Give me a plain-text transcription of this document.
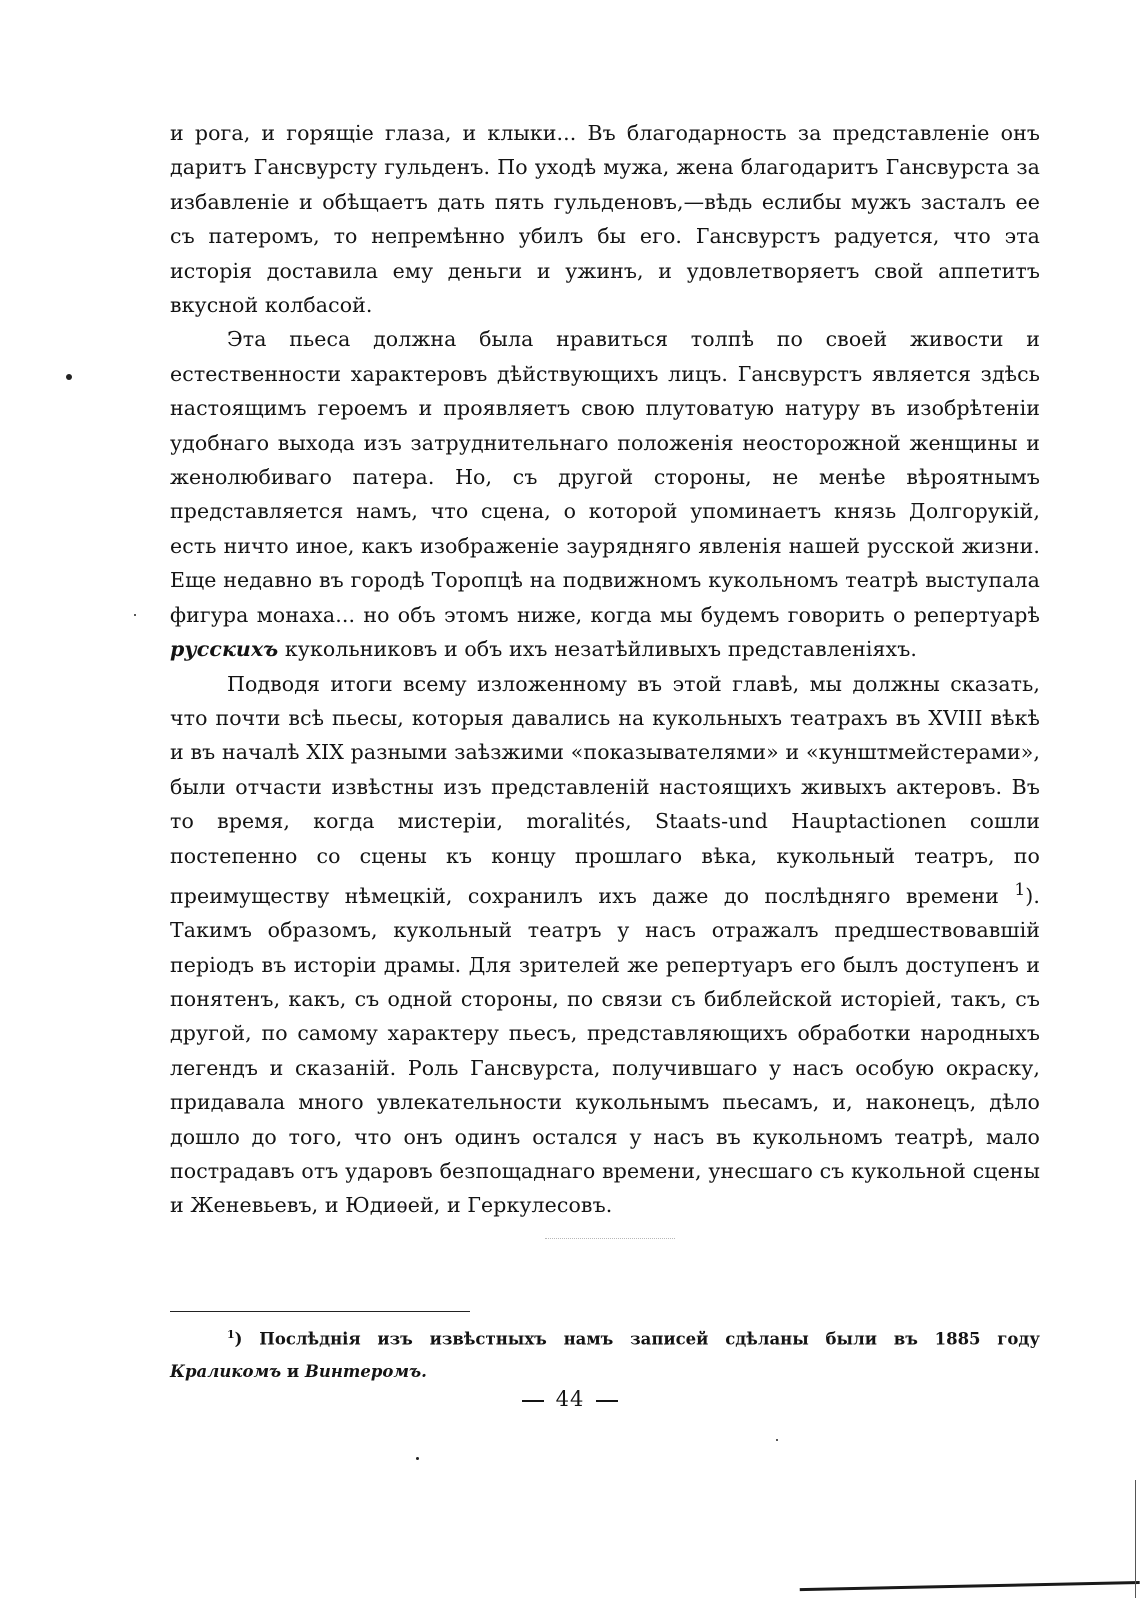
и рога, и горящіе глаза, и клыки... Въ благодарность за представленіе онъ даритъ Гансвурсту гульденъ. По уходѣ мужа, жена благодаритъ Гансвурста за избавленіе и обѣщаетъ дать пять гульденовъ,—вѣдь еслибы мужъ засталъ ее съ патеромъ, то непремѣнно убилъ бы его. Гансвурстъ радуется, что эта исторія доставила ему деньги и ужинъ, и удовлетворяетъ свой аппетитъ вкусной колбасой.

Эта пьеса должна была нравиться толпѣ по своей живости и естественности характеровъ дѣйствующихъ лицъ. Гансвурстъ является здѣсь настоящимъ героемъ и проявляетъ свою плутоватую натуру въ изобрѣтеніи удобнаго выхода изъ затруднительнаго положенія неосторожной женщины и женолюбиваго патера. Но, съ другой стороны, не менѣе вѣроятнымъ представляется намъ, что сцена, о которой упоминаетъ князь Долгорукій, есть ничто иное, какъ изображеніе заурядняго явленія нашей русской жизни. Еще недавно въ городѣ Торопцѣ на подвижномъ кукольномъ театрѣ выступала фигура монаха... но объ этомъ ниже, когда мы будемъ говорить о репертуарѣ русскихъ кукольниковъ и объ ихъ незатѣйливыхъ представленіяхъ.

Подводя итоги всему изложенному въ этой главѣ, мы должны сказать, что почти всѣ пьесы, которыя давались на кукольныхъ театрахъ въ XVIII вѣкѣ и въ началѣ XIX разными заѣзжими «показывателями» и «кунштмейстерами», были отчасти извѣстны изъ представленій настоящихъ живыхъ актеровъ. Въ то время, когда мистеріи, moralités, Staats-und Hauptactionen сошли постепенно со сцены къ концу прошлаго вѣка, кукольный театръ, по преимуществу нѣмецкій, сохранилъ ихъ даже до послѣдняго времени $^1$). Такимъ образомъ, кукольный театръ у насъ отражалъ предшествовавшій періодъ въ исторіи драмы. Для зрителей же репертуаръ его былъ доступенъ и понятенъ, какъ, съ одной стороны, по связи съ библейской исторіей, такъ, съ другой, по самому характеру пьесъ, представляющихъ обработки народныхъ легендъ и сказаній. Роль Гансвурста, получившаго у насъ особую окраску, придавала много увлекательности кукольнымъ пьесамъ, и, наконецъ, дѣло дошло до того, что онъ одинъ остался у насъ въ кукольномъ театрѣ, мало пострадавъ отъ ударовъ безпощаднаго времени, унесшаго съ кукольной сцены и Женевьевъ, и Юдиѳей, и Геркулесовъ.

$^1$) Послѣднія изъ извѣстныхъ намъ записей сдѣланы были въ 1885 году Краликомъ и Винтеромъ.
44
